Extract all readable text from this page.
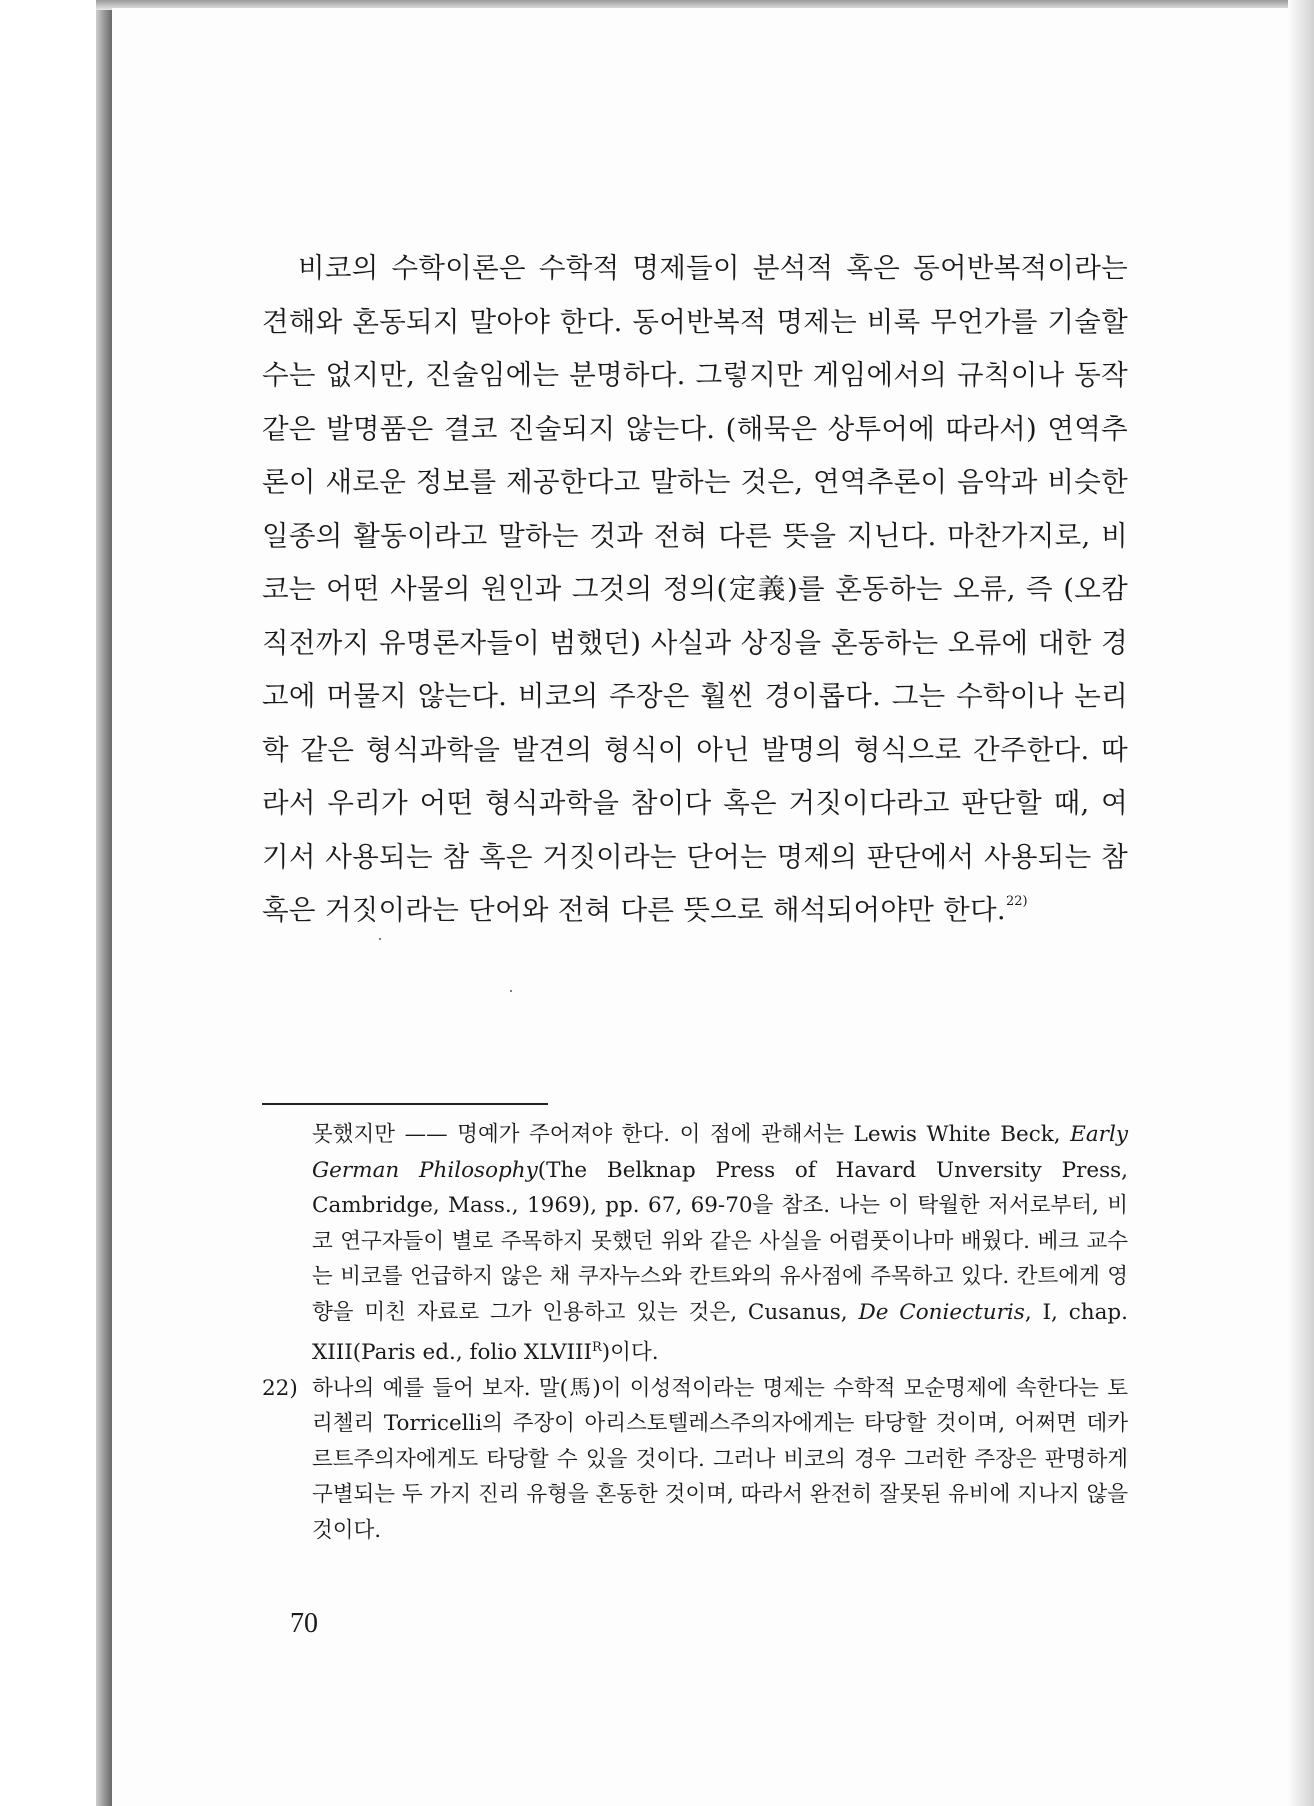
비코의 수학이론은 수학적 명제들이 분석적 혹은 동어반복적이라는 견해와 혼동되지 말아야 한다. 동어반복적 명제는 비록 무언가를 기술할 수는 없지만, 진술임에는 분명하다. 그렇지만 게임에서의 규칙이나 동작 같은 발명품은 결코 진술되지 않는다. (해묵은 상투어에 따라서) 연역추론이 새로운 정보를 제공한다고 말하는 것은, 연역추론이 음악과 비슷한 일종의 활동이라고 말하는 것과 전혀 다른 뜻을 지닌다. 마찬가지로, 비코는 어떤 사물의 원인과 그것의 정의(定義)를 혼동하는 오류, 즉 (오캄 직전까지 유명론자들이 범했던) 사실과 상징을 혼동하는 오류에 대한 경고에 머물지 않는다. 비코의 주장은 훨씬 경이롭다. 그는 수학이나 논리학 같은 형식과학을 발견의 형식이 아닌 발명의 형식으로 간주한다. 따라서 우리가 어떤 형식과학을 참이다 혹은 거짓이다라고 판단할 때, 여기서 사용되는 참 혹은 거짓이라는 단어는 명제의 판단에서 사용되는 참 혹은 거짓이라는 단어와 전혀 다른 뜻으로 해석되어야만 한다.$^{22)}$

못했지만 —— 명예가 주어져야 한다. 이 점에 관해서는 Lewis White Beck, Early German Philosophy(The Belknap Press of Havard Unversity Press, Cambridge, Mass., 1969), pp. 67, 69-70을 참조. 나는 이 탁월한 저서로부터, 비코 연구자들이 별로 주목하지 못했던 위와 같은 사실을 어렴풋이나마 배웠다. 베크 교수는 비코를 언급하지 않은 채 쿠자누스와 칸트와의 유사점에 주목하고 있다. 칸트에게 영향을 미친 자료로 그가 인용하고 있는 것은, Cusanus, De Coniecturis, I, chap. XIII(Paris ed., folio $XLVIII^R$)이다.

22) 하나의 예를 들어 보자. 말(馬)이 이성적이라는 명제는 수학적 모순명제에 속한다는 토리첼리 Torricelli의 주장이 아리스토텔레스주의자에게는 타당할 것이며, 어쩌면 데카르트주의자에게도 타당할 수 있을 것이다. 그러나 비코의 경우 그러한 주장은 판명하게 구별되는 두 가지 진리 유형을 혼동한 것이며, 따라서 완전히 잘못된 유비에 지나지 않을 것이다.

70
